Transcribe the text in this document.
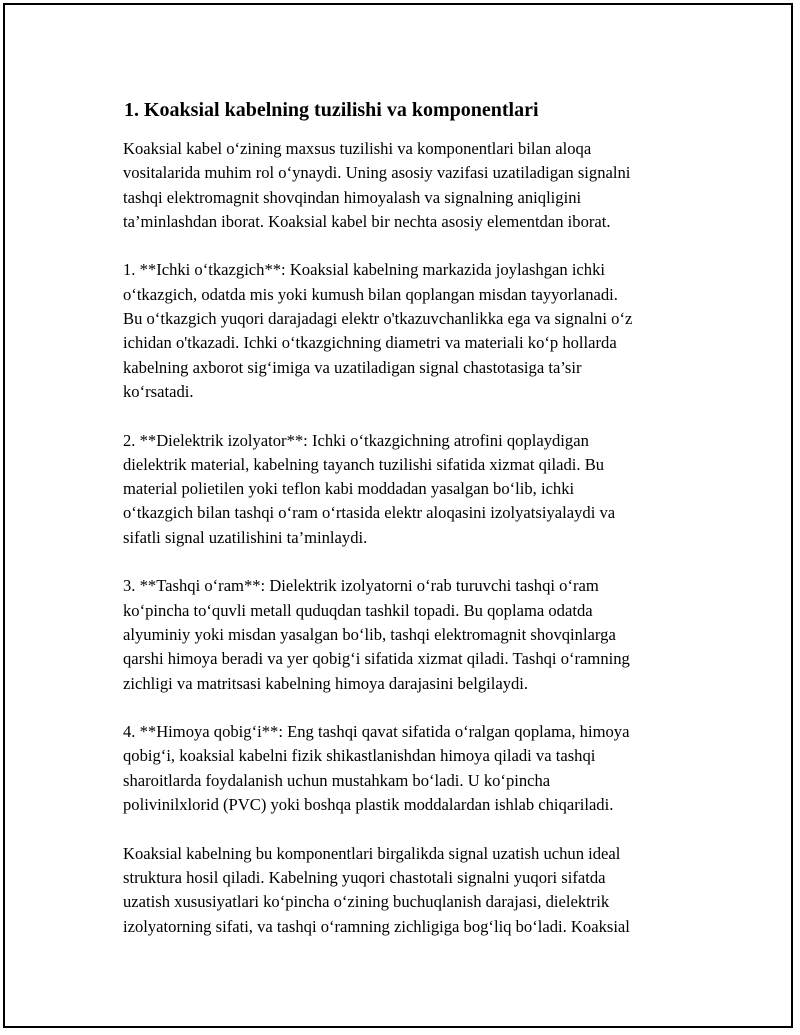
1. Koaksial kabelning tuzilishi va komponentlari

Koaksial kabel o‘zining maxsus tuzilishi va komponentlari bilan aloqa
vositalarida muhim rol o‘ynaydi. Uning asosiy vazifasi uzatiladigan signalni
tashqi elektromagnit shovqindan himoyalash va signalning aniqligini
ta’minlashdan iborat. Koaksial kabel bir nechta asosiy elementdan iborat.

1. **Ichki o‘tkazgich**: Koaksial kabelning markazida joylashgan ichki
o‘tkazgich, odatda mis yoki kumush bilan qoplangan misdan tayyorlanadi.
Bu o‘tkazgich yuqori darajadagi elektr o'tkazuvchanlikka ega va signalni o‘z
ichidan o'tkazadi. Ichki o‘tkazgichning diametri va materiali ko‘p hollarda
kabelning axborot sig‘imiga va uzatiladigan signal chastotasiga ta’sir
ko‘rsatadi.

2. **Dielektrik izolyator**: Ichki o‘tkazgichning atrofini qoplaydigan
dielektrik material, kabelning tayanch tuzilishi sifatida xizmat qiladi. Bu
material polietilen yoki teflon kabi moddadan yasalgan bo‘lib, ichki
o‘tkazgich bilan tashqi o‘ram o‘rtasida elektr aloqasini izolyatsiyalaydi va
sifatli signal uzatilishini ta’minlaydi.

3. **Tashqi o‘ram**: Dielektrik izolyatorni o‘rab turuvchi tashqi o‘ram
ko‘pincha to‘quvli metall quduqdan tashkil topadi. Bu qoplama odatda
alyuminiy yoki misdan yasalgan bo‘lib, tashqi elektromagnit shovqinlarga
qarshi himoya beradi va yer qobig‘i sifatida xizmat qiladi. Tashqi o‘ramning
zichligi va matritsasi kabelning himoya darajasini belgilaydi.

4. **Himoya qobig‘i**: Eng tashqi qavat sifatida o‘ralgan qoplama, himoya
qobig‘i, koaksial kabelni fizik shikastlanishdan himoya qiladi va tashqi
sharoitlarda foydalanish uchun mustahkam bo‘ladi. U ko‘pincha
polivinilxlorid (PVC) yoki boshqa plastik moddalardan ishlab chiqariladi.

Koaksial kabelning bu komponentlari birgalikda signal uzatish uchun ideal
struktura hosil qiladi. Kabelning yuqori chastotali signalni yuqori sifatda
uzatish xususiyatlari ko‘pincha o‘zining buchuqlanish darajasi, dielektrik
izolyatorning sifati, va tashqi o‘ramning zichligiga bog‘liq bo‘ladi. Koaksial
